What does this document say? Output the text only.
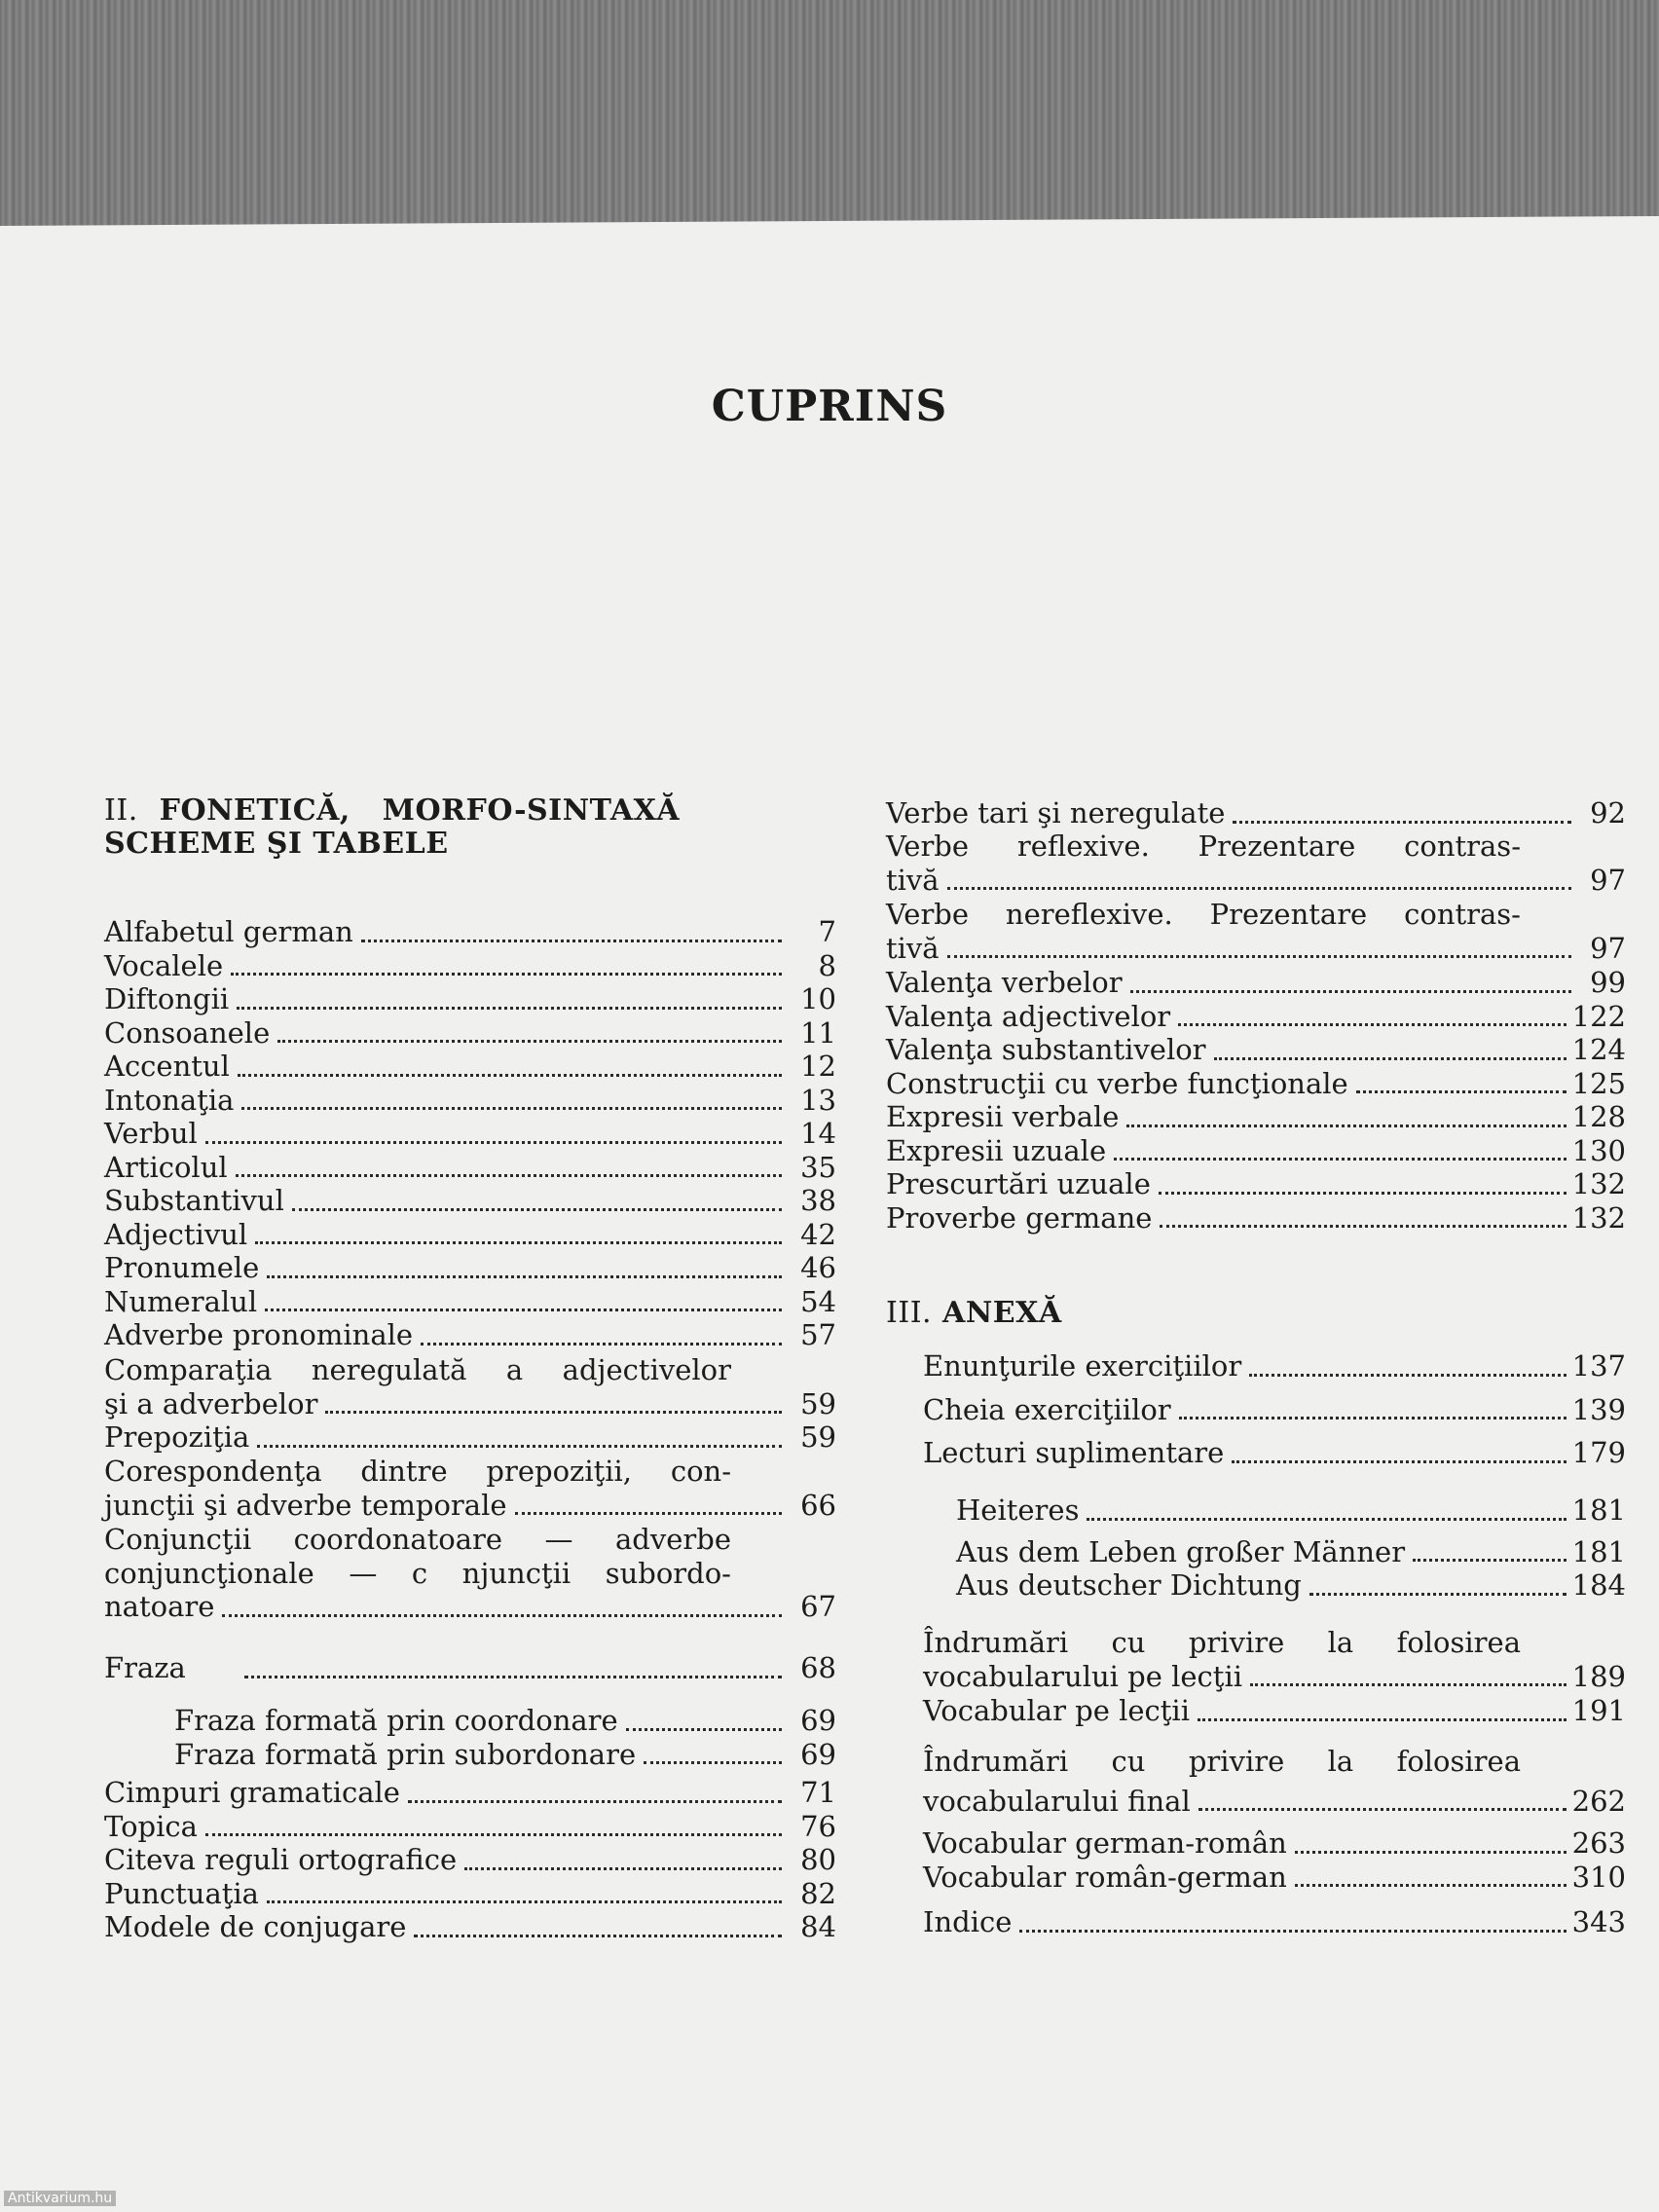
CUPRINS
II. FONETICĂ, MORFO-SINTAXĂ
SCHEME ŞI TABELE
Alfabetul german	7
Vocalele	8
Diftongii	10
Consoanele	11
Accentul	12
Intonaţia	13
Verbul	14
Articolul	35
Substantivul	38
Adjectivul	42
Pronumele	46
Numeralul	54
Adverbe pronominale	57
Comparaţia neregulată a adjectivelor
şi a adverbelor	59
Prepoziţia	59
Corespondenţa dintre prepoziţii, con-
juncţii şi adverbe temporale	66
Conjuncţii coordonatoare — adverbe
conjuncţionale — c njuncţii subordo-
natoare	67
Fraza	68
Fraza formată prin coordonare	69
Fraza formată prin subordonare	69
Cimpuri gramaticale	71
Topica	76
Citeva reguli ortografice	80
Punctuaţia	82
Modele de conjugare	84
Verbe tari şi neregulate	92
Verbe reflexive. Prezentare contras-
tivă	97
Verbe nereflexive. Prezentare contras-
tivă	97
Valenţa verbelor	99
Valenţa adjectivelor	122
Valenţa substantivelor	124
Construcţii cu verbe funcţionale	125
Expresii verbale	128
Expresii uzuale	130
Prescurtări uzuale	132
Proverbe germane	132
III. ANEXĂ
Enunţurile exerciţiilor	137
Cheia exerciţiilor	139
Lecturi suplimentare	179
Heiteres	181
Aus dem Leben großer Männer	181
Aus deutscher Dichtung	184
Îndrumări cu privire la folosirea
vocabularului pe lecţii	189
Vocabular pe lecţii	191
Îndrumări cu privire la folosirea
vocabularului final	262
Vocabular german-român	263
Vocabular român-german	310
Indice	343
Antikvarium.hu
